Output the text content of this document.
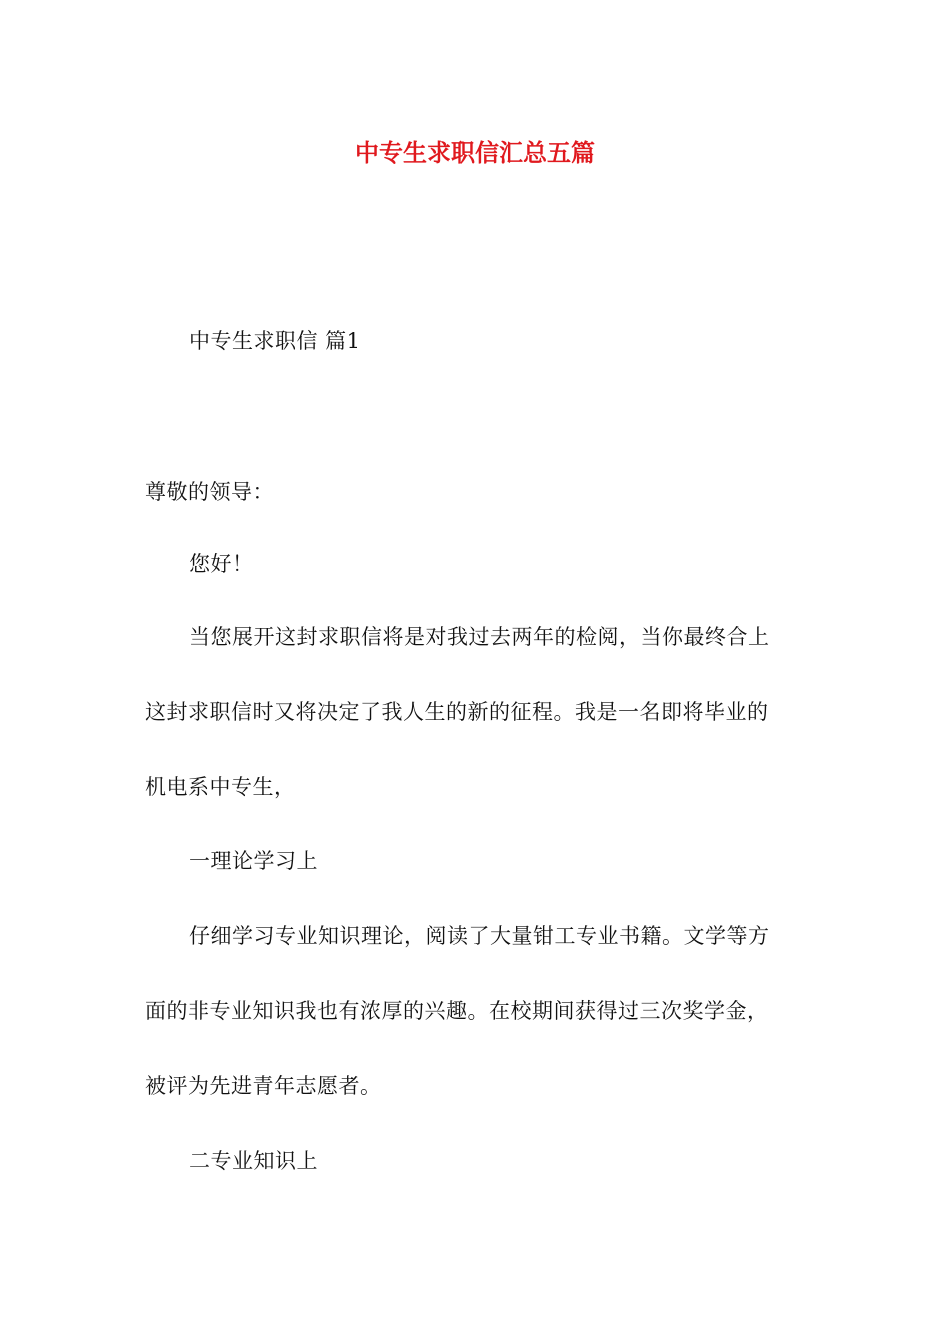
中专生求职信汇总五篇
中专生求职信 篇1
尊敬的领导：
您好！
当您展开这封求职信将是对我过去两年的检阅，当你最终合上
这封求职信时又将决定了我人生的新的征程。我是一名即将毕业的
机电系中专生，
一理论学习上
仔细学习专业知识理论，阅读了大量钳工专业书籍。文学等方
面的非专业知识我也有浓厚的兴趣。在校期间获得过三次奖学金，
被评为先进青年志愿者。
二专业知识上
